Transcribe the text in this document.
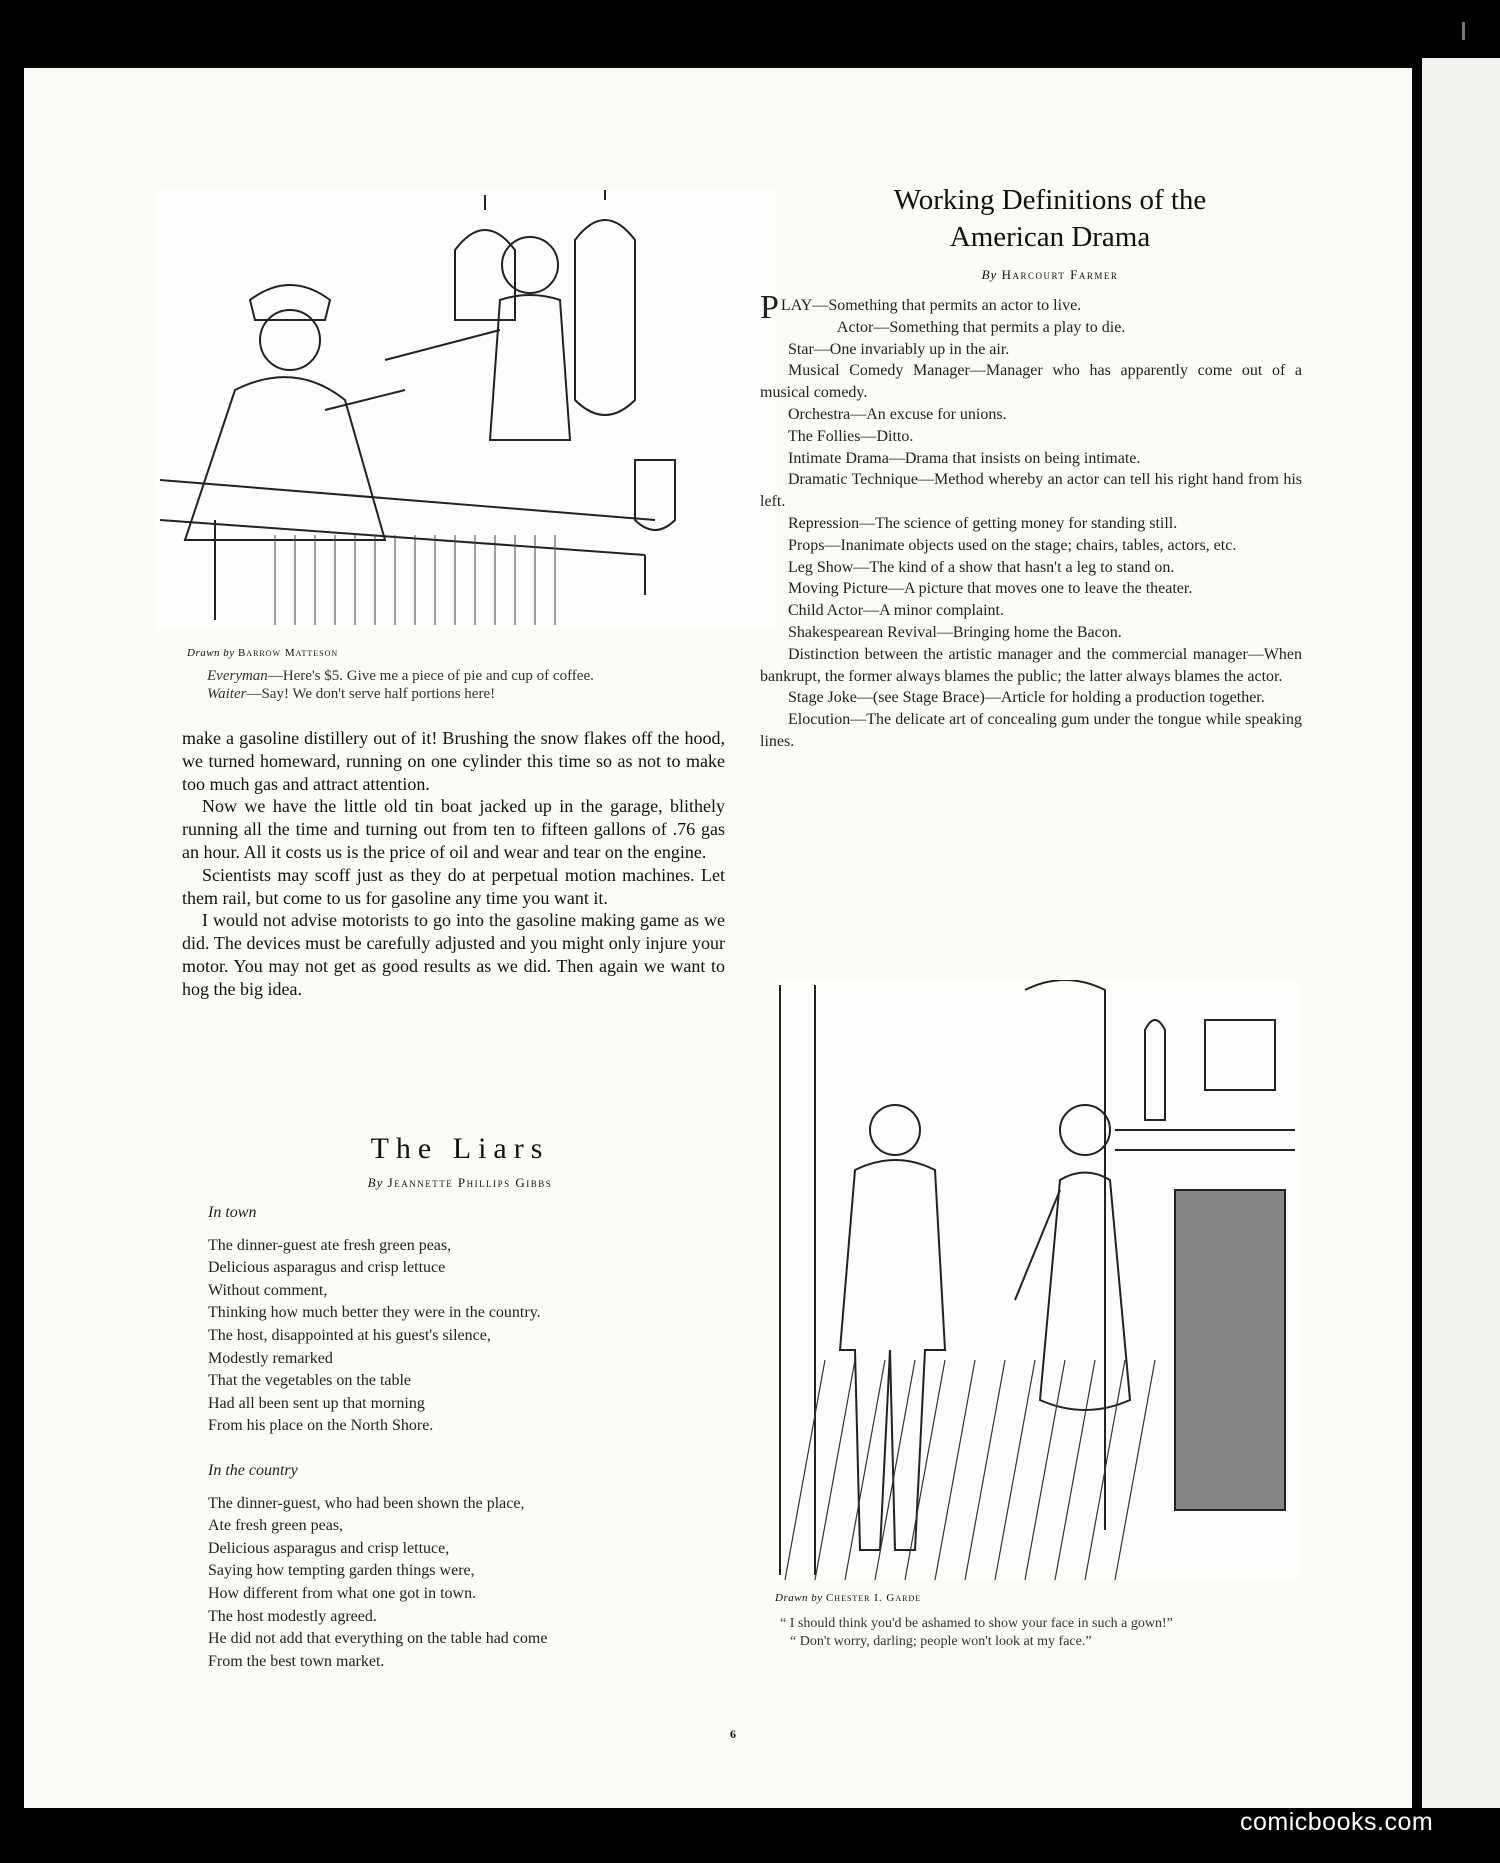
Drawn by Barrow Matteson
Everyman—Here's $5. Give me a piece of pie and cup of coffee.
Waiter—Say! We don't serve half portions here!

make a gasoline distillery out of it! Brushing the snow flakes off the hood, we turned homeward, running on one cylinder this time so as not to make too much gas and attract attention.

Now we have the little old tin boat jacked up in the garage, blithely running all the time and turning out from ten to fifteen gallons of .76 gas an hour. All it costs us is the price of oil and wear and tear on the engine.

Scientists may scoff just as they do at perpetual motion machines. Let them rail, but come to us for gasoline any time you want it.

I would not advise motorists to go into the gasoline making game as we did. The devices must be carefully adjusted and you might only injure your motor. You may not get as good results as we did. Then again we want to hog the big idea.

Working Definitions of the
American Drama
By Harcourt Farmer

PLAY—Something that permits an actor to live.

Actor—Something that permits a play to die.

Star—One invariably up in the air.

Musical Comedy Manager—Manager who has apparently come out of a musical comedy.

Orchestra—An excuse for unions.

The Follies—Ditto.

Intimate Drama—Drama that insists on being intimate.

Dramatic Technique—Method whereby an actor can tell his right hand from his left.

Repression—The science of getting money for standing still.

Props—Inanimate objects used on the stage; chairs, tables, actors, etc.

Leg Show—The kind of a show that hasn't a leg to stand on.

Moving Picture—A picture that moves one to leave the theater.

Child Actor—A minor complaint.

Shakespearean Revival—Bringing home the Bacon.

Distinction between the artistic manager and the commercial manager—When bankrupt, the former always blames the public; the latter always blames the actor.

Stage Joke—(see Stage Brace)—Article for holding a production together.

Elocution—The delicate art of concealing gum under the tongue while speaking lines.

The Liars
By Jeannette Phillips Gibbs
In town
The dinner-guest ate fresh green peas,
Delicious asparagus and crisp lettuce
Without comment,
Thinking how much better they were in the country.
The host, disappointed at his guest's silence,
Modestly remarked
That the vegetables on the table
Had all been sent up that morning
From his place on the North Shore.
In the country
The dinner-guest, who had been shown the place,
Ate fresh green peas,
Delicious asparagus and crisp lettuce,
Saying how tempting garden things were,
How different from what one got in town.
The host modestly agreed.
He did not add that everything on the table had come
From the best town market.
Drawn by Chester I. Garde
“ I should think you'd be ashamed to show your face in such a gown!”
“ Don't worry, darling; people won't look at my face.”
6
comicbooks.com
